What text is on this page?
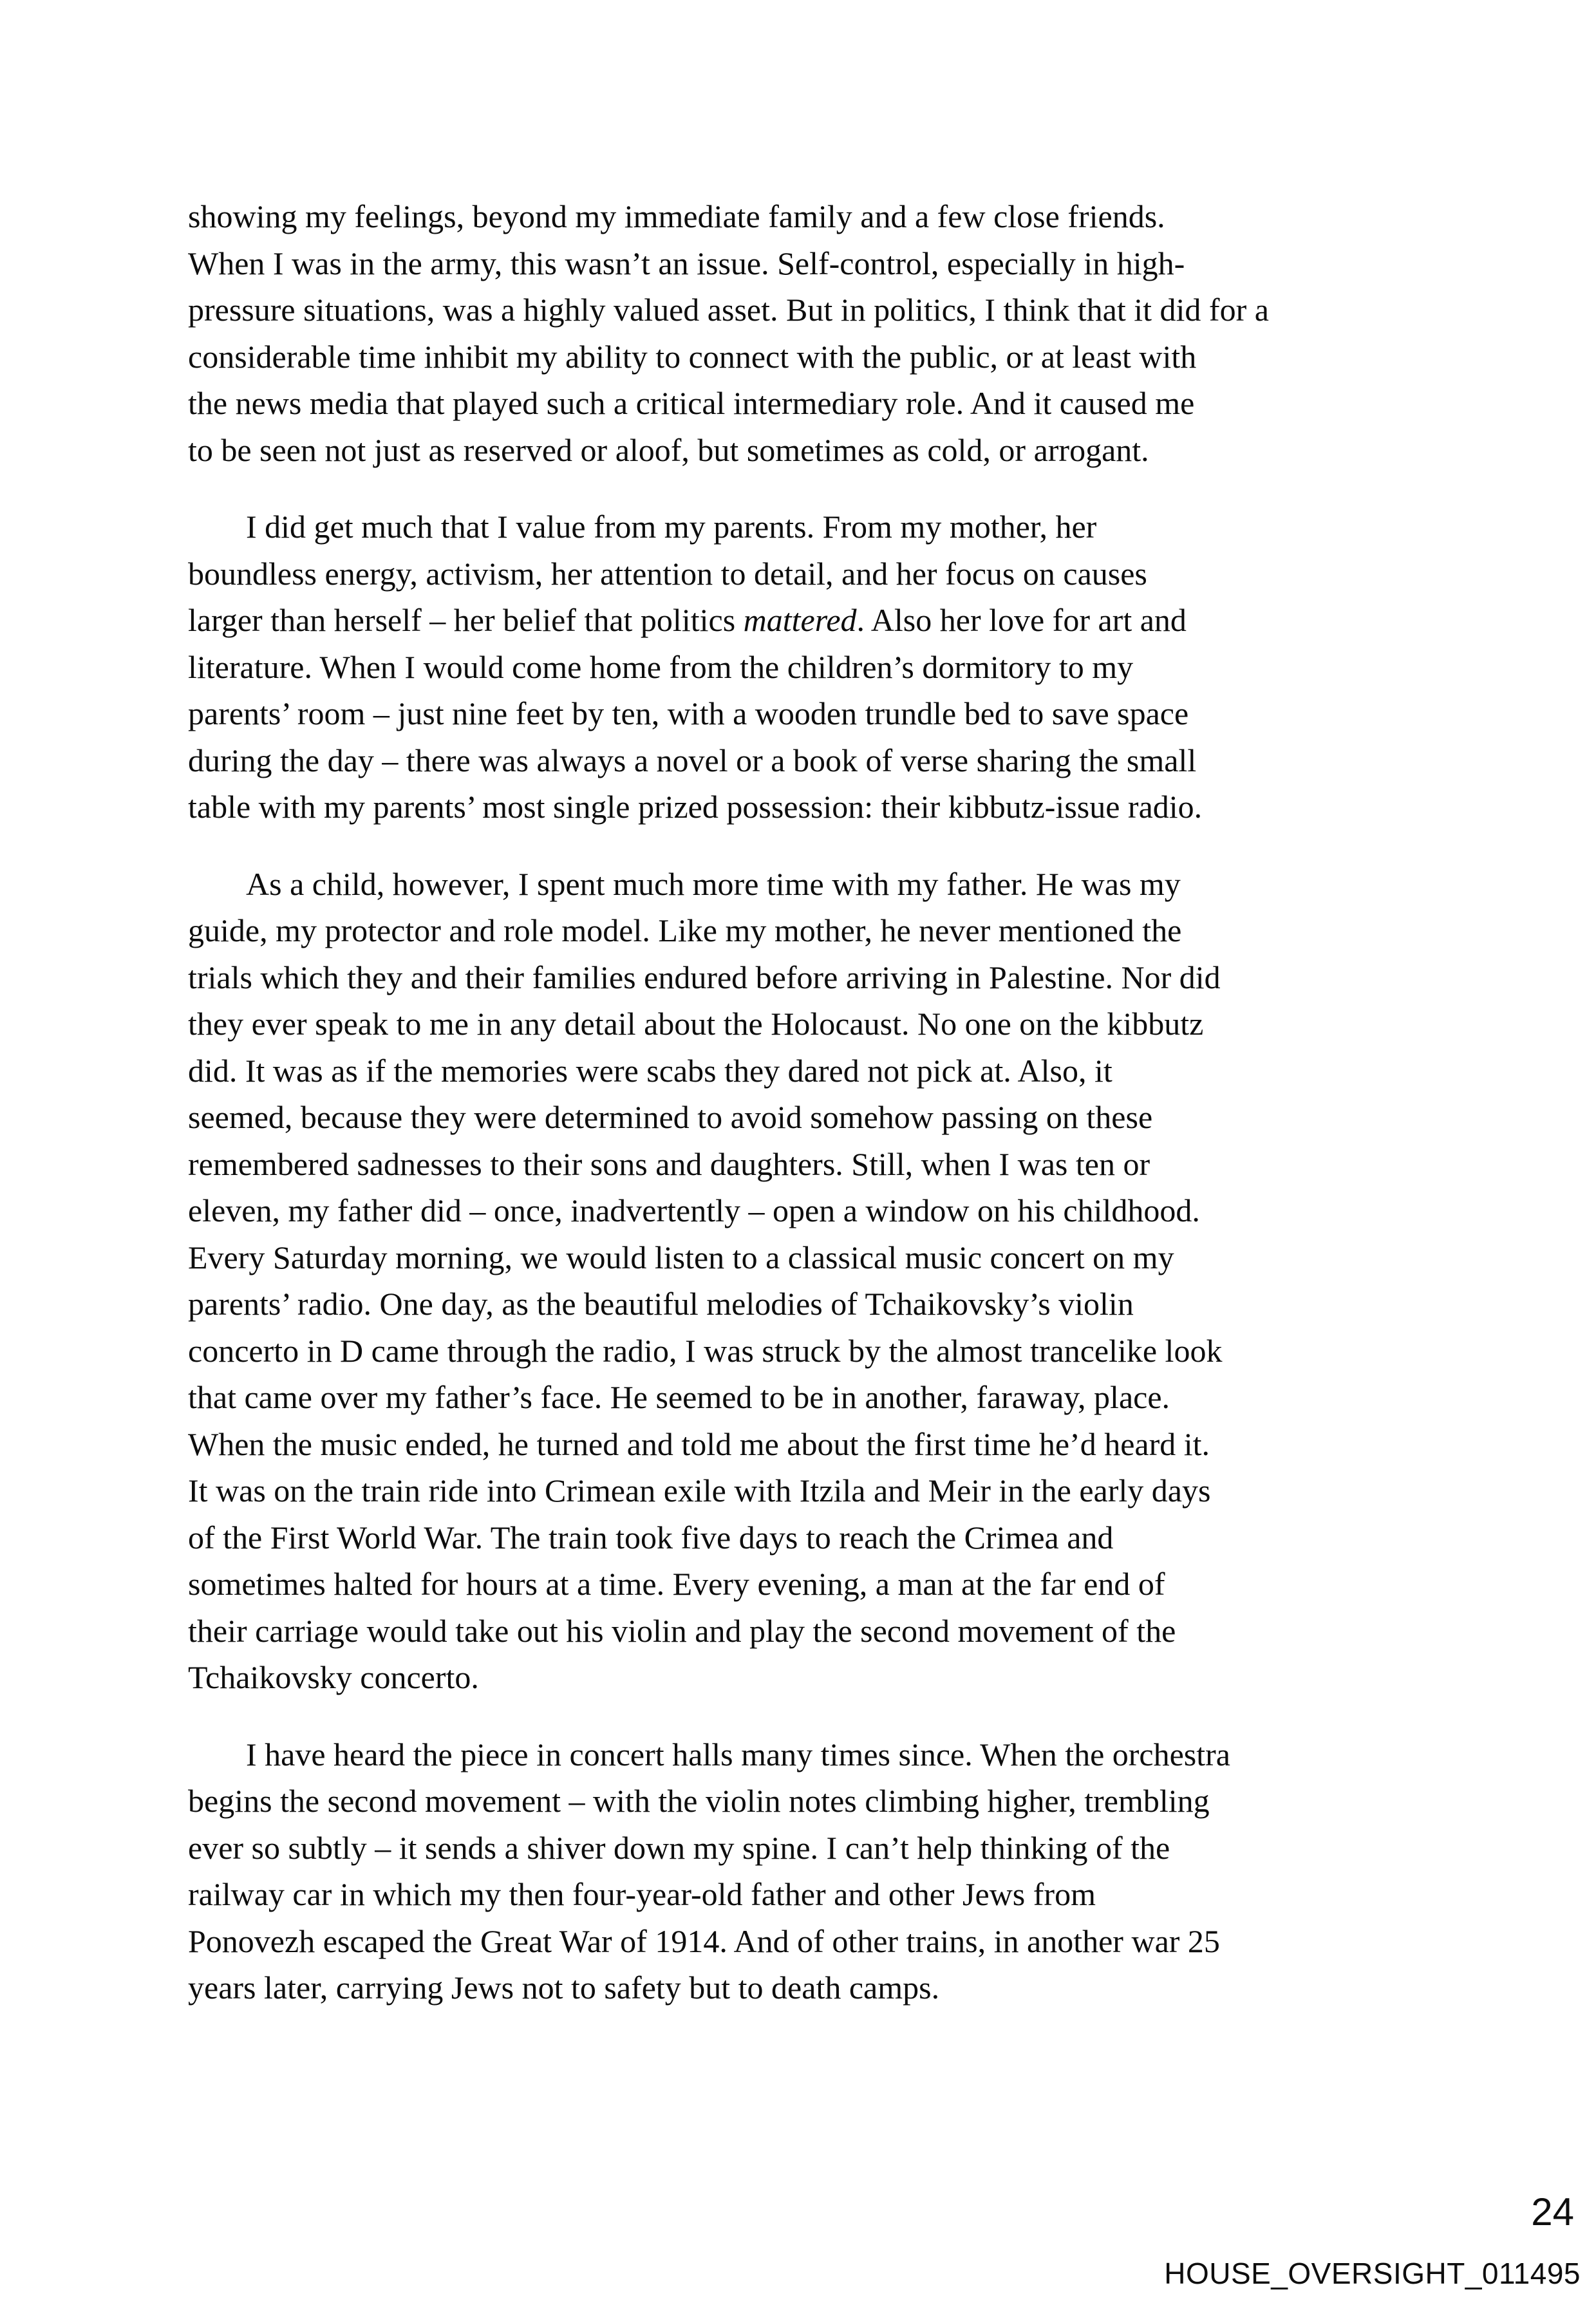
showing my feelings, beyond my immediate family and a few close friends.
When I was in the army, this wasn’t an issue. Self-control, especially in high-
pressure situations, was a highly valued asset. But in politics, I think that it did for a
considerable time inhibit my ability to connect with the public, or at least with
the news media that played such a critical intermediary role. And it caused me
to be seen not just as reserved or aloof, but sometimes as cold, or arrogant.

I did get much that I value from my parents. From my mother, her
boundless energy, activism, her attention to detail, and her focus on causes
larger than herself – her belief that politics mattered. Also her love for art and
literature. When I would come home from the children’s dormitory to my
parents’ room – just nine feet by ten, with a wooden trundle bed to save space
during the day – there was always a novel or a book of verse sharing the small
table with my parents’ most single prized possession: their kibbutz-issue radio.

As a child, however, I spent much more time with my father. He was my
guide, my protector and role model. Like my mother, he never mentioned the
trials which they and their families endured before arriving in Palestine. Nor did
they ever speak to me in any detail about the Holocaust. No one on the kibbutz
did. It was as if the memories were scabs they dared not pick at. Also, it
seemed, because they were determined to avoid somehow passing on these
remembered sadnesses to their sons and daughters. Still, when I was ten or
eleven, my father did – once, inadvertently – open a window on his childhood.
Every Saturday morning, we would listen to a classical music concert on my
parents’ radio. One day, as the beautiful melodies of Tchaikovsky’s violin
concerto in D came through the radio, I was struck by the almost trancelike look
that came over my father’s face. He seemed to be in another, faraway, place.
When the music ended, he turned and told me about the first time he’d heard it.
It was on the train ride into Crimean exile with Itzila and Meir in the early days
of the First World War. The train took five days to reach the Crimea and
sometimes halted for hours at a time. Every evening, a man at the far end of
their carriage would take out his violin and play the second movement of the
Tchaikovsky concerto.

I have heard the piece in concert halls many times since. When the orchestra
begins the second movement – with the violin notes climbing higher, trembling
ever so subtly – it sends a shiver down my spine. I can’t help thinking of the
railway car in which my then four-year-old father and other Jews from
Ponovezh escaped the Great War of 1914. And of other trains, in another war 25
years later, carrying Jews not to safety but to death camps.

24
HOUSE_OVERSIGHT_011495
